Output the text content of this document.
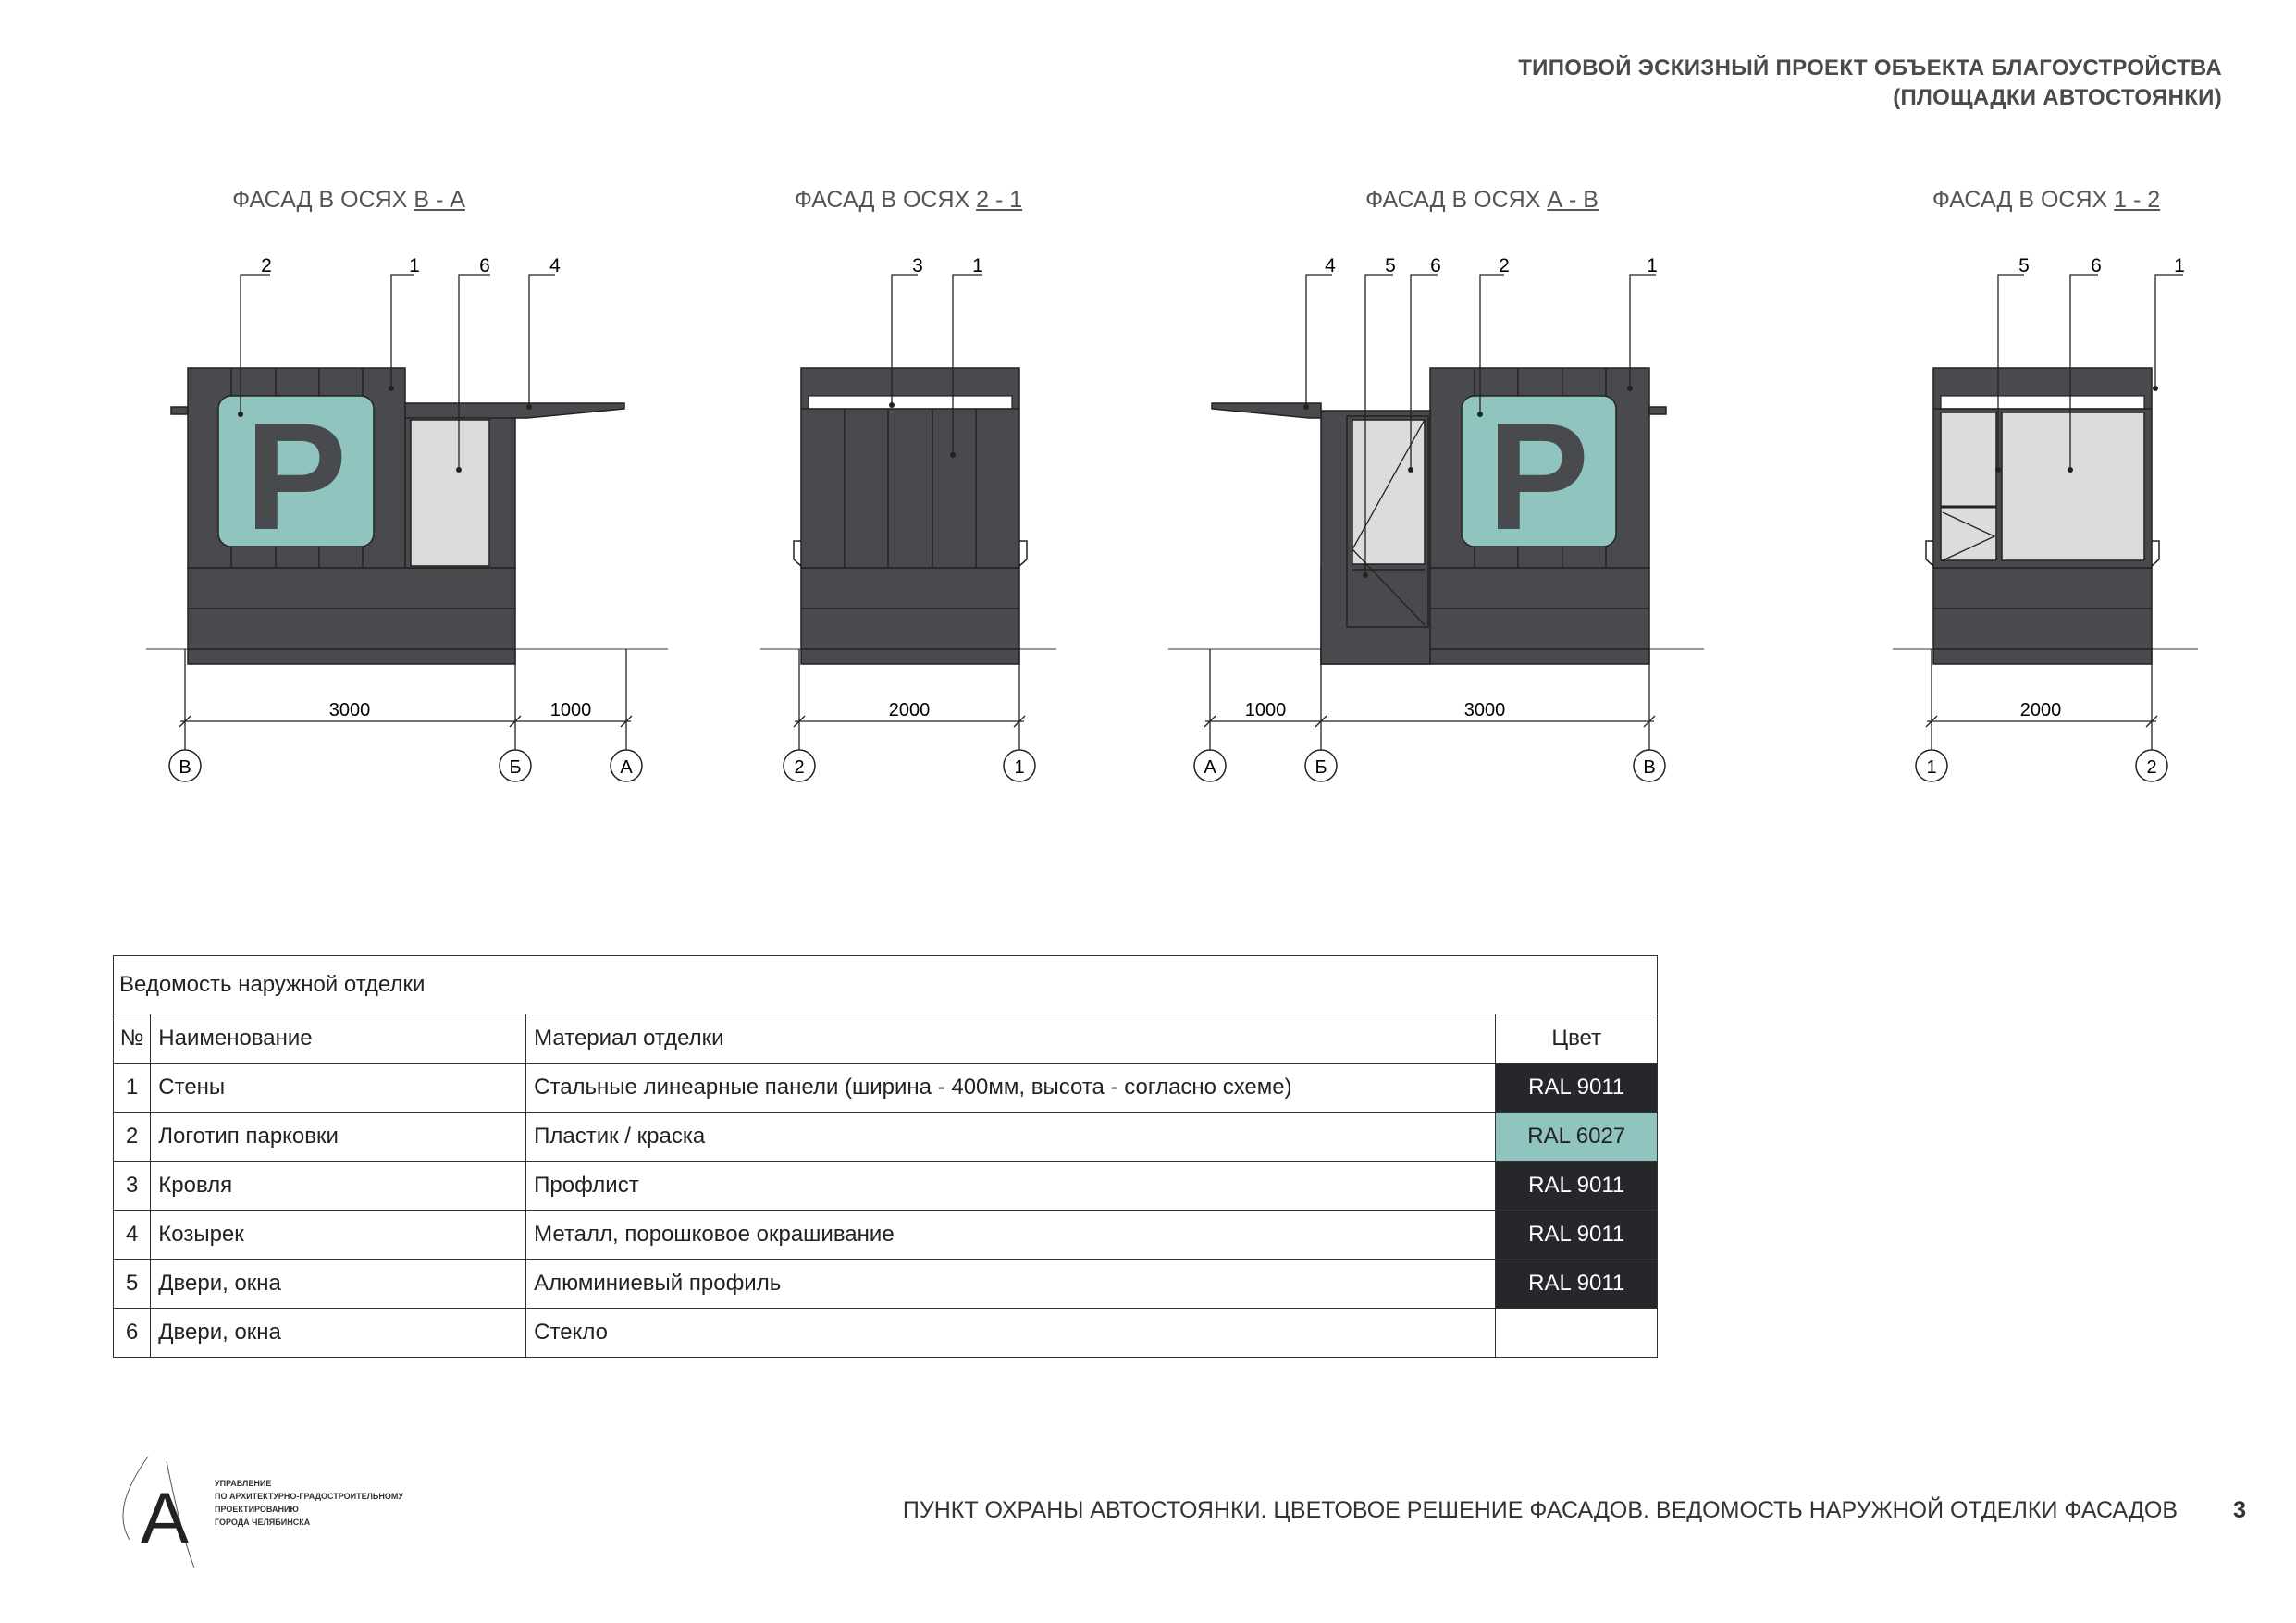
ТИПОВОЙ ЭСКИЗНЫЙ ПРОЕКТ ОБЪЕКТА БЛАГОУСТРОЙСТВА
(ПЛОЩАДКИ АВТОСТОЯНКИ)
ФАСАД В ОСЯХ В - А	ФАСАД В ОСЯХ 2 - 1	ФАСАД В ОСЯХ А - В	ФАСАД В ОСЯХ 1 - 2
P
2	1	6	4
3000	1000
В	Б	А
3	1
2000
2	1
P
4	5 6	2	1
1000	3000
А	Б	В
5	6	1
2000
1	2
Ведомость наружной отделки			
№	Наименование	Материал отделки	Цвет
1	Стены	Стальные линеарные панели (ширина - 400мм, высота - согласно схеме)	RAL 9011
2	Логотип парковки	Пластик / краска	RAL 6027
3	Кровля	Профлист	RAL 9011
4	Козырек	Металл, порошковое окрашивание	RAL 9011
5	Двери, окна	Алюминиевый профиль	RAL 9011
6	Двери, окна	Стекло	
A	УПРАВЛЕНИЕ
ПО АРХИТЕКТУРНО-ГРАДОСТРОИТЕЛЬНОМУ
ПРОЕКТИРОВАНИЮ
ГОРОДА ЧЕЛЯБИНСКА	ПУНКТ ОХРАНЫ АВТОСТОЯНКИ. ЦВЕТОВОЕ РЕШЕНИЕ ФАСАДОВ. ВЕДОМОСТЬ НАРУЖНОЙ ОТДЕЛКИ ФАСАДОВ 3
